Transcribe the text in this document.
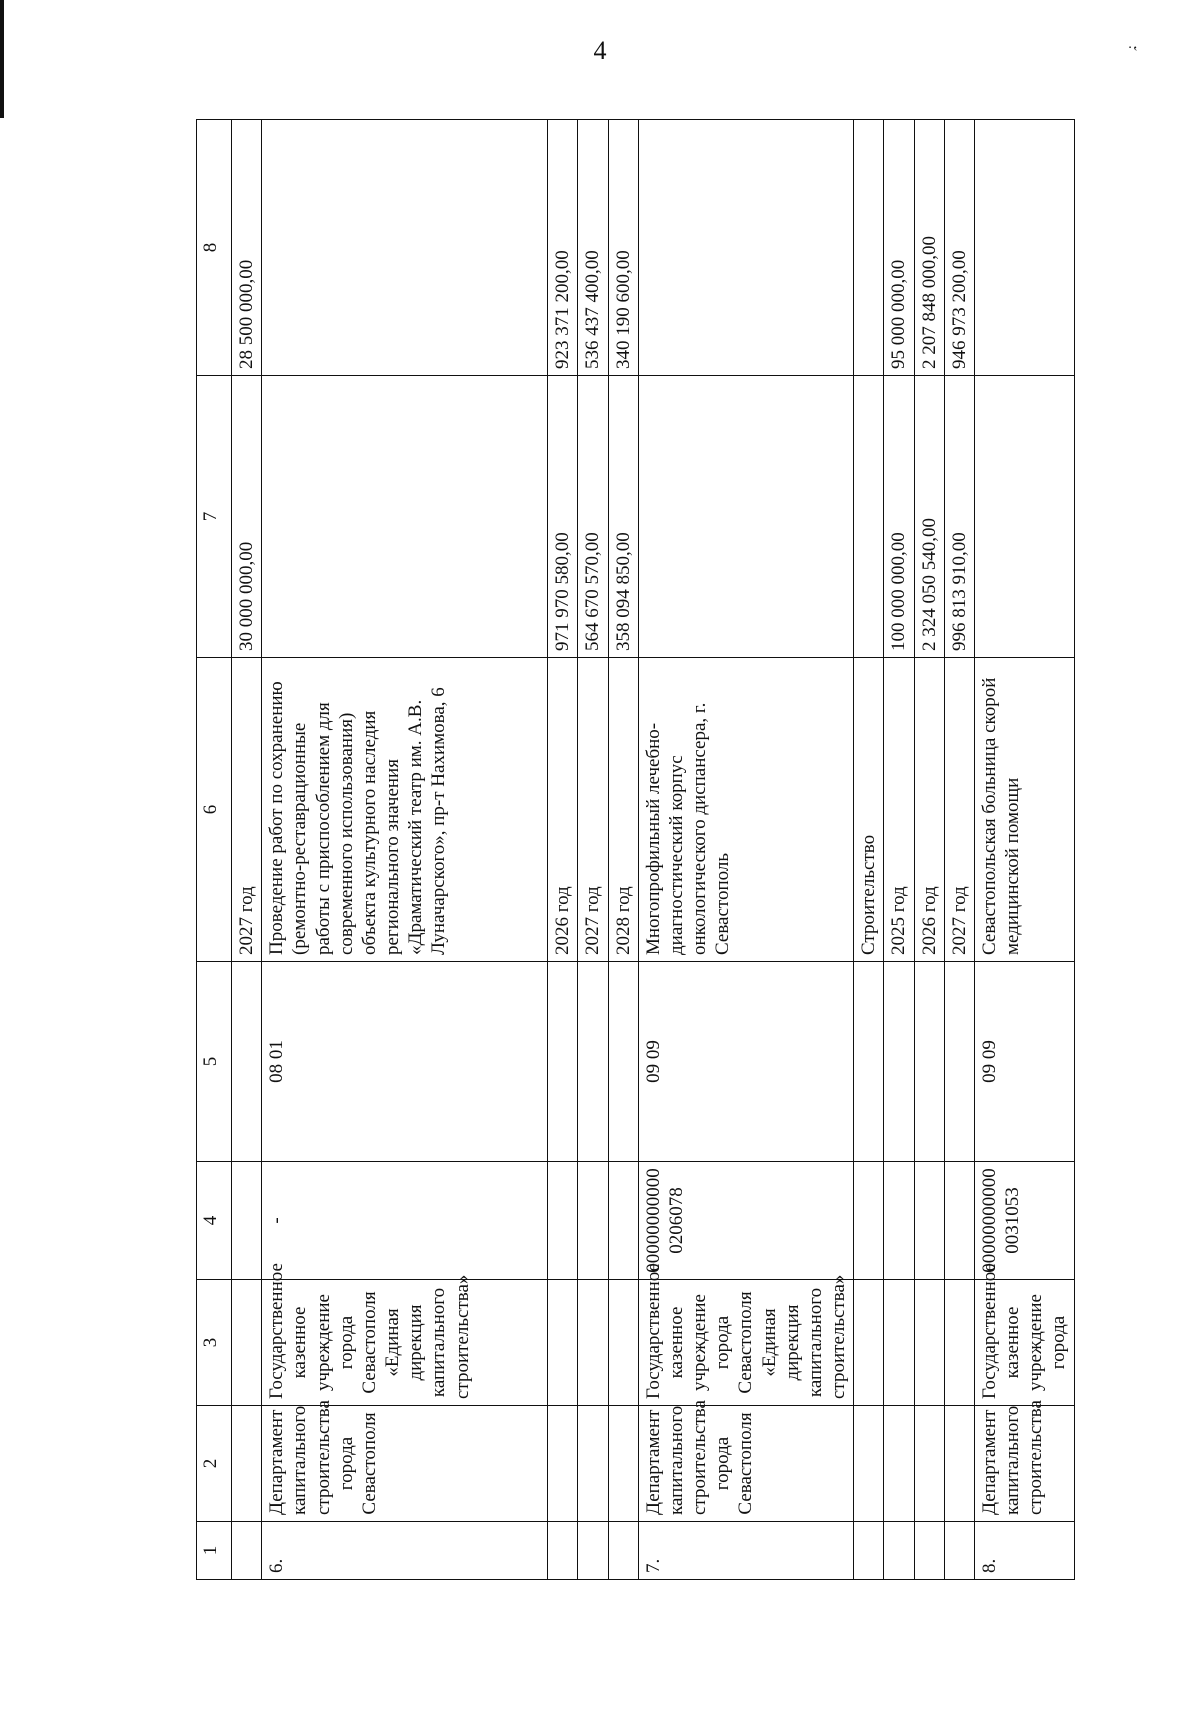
4	˙‛
1	2	3	4	5	6	7	8
					2027 год	30 000 000,00	28 500 000,00
6.	Департамент капитального строительства города Севастополя	Государственное казенное учреждение города Севастополя «Единая дирекция капитального строительства»	-	08 01	Проведение работ по сохранению (ремонтно-реставрационные работы с приспособлением для современного использования) объекта культурного наследия регионального значения «Драматический театр им. А.В. Луначарского», пр-т Нахимова, 6		
					2026 год	971 970 580,00	923 371 200,00
					2027 год	564 670 570,00	536 437 400,00
					2028 год	358 094 850,00	340 190 600,00
7.	Департамент капитального строительства города Севастополя	Государственное казенное учреждение города Севастополя «Единая дирекция капитального строительства»	000000000000206078	09 09	Многопрофильный лечебно-диагностический корпус онкологического диспансера, г. Севастополь		
					Строительство		
					2025 год	100 000 000,00	95 000 000,00
					2026 год	2 324 050 540,00	2 207 848 000,00
					2027 год	996 813 910,00	946 973 200,00
8.	Департамент капитального строительства	Государственное казенное учреждение города	000000000000031053	09 09	Севастопольская больница скорой медицинской помощи		
